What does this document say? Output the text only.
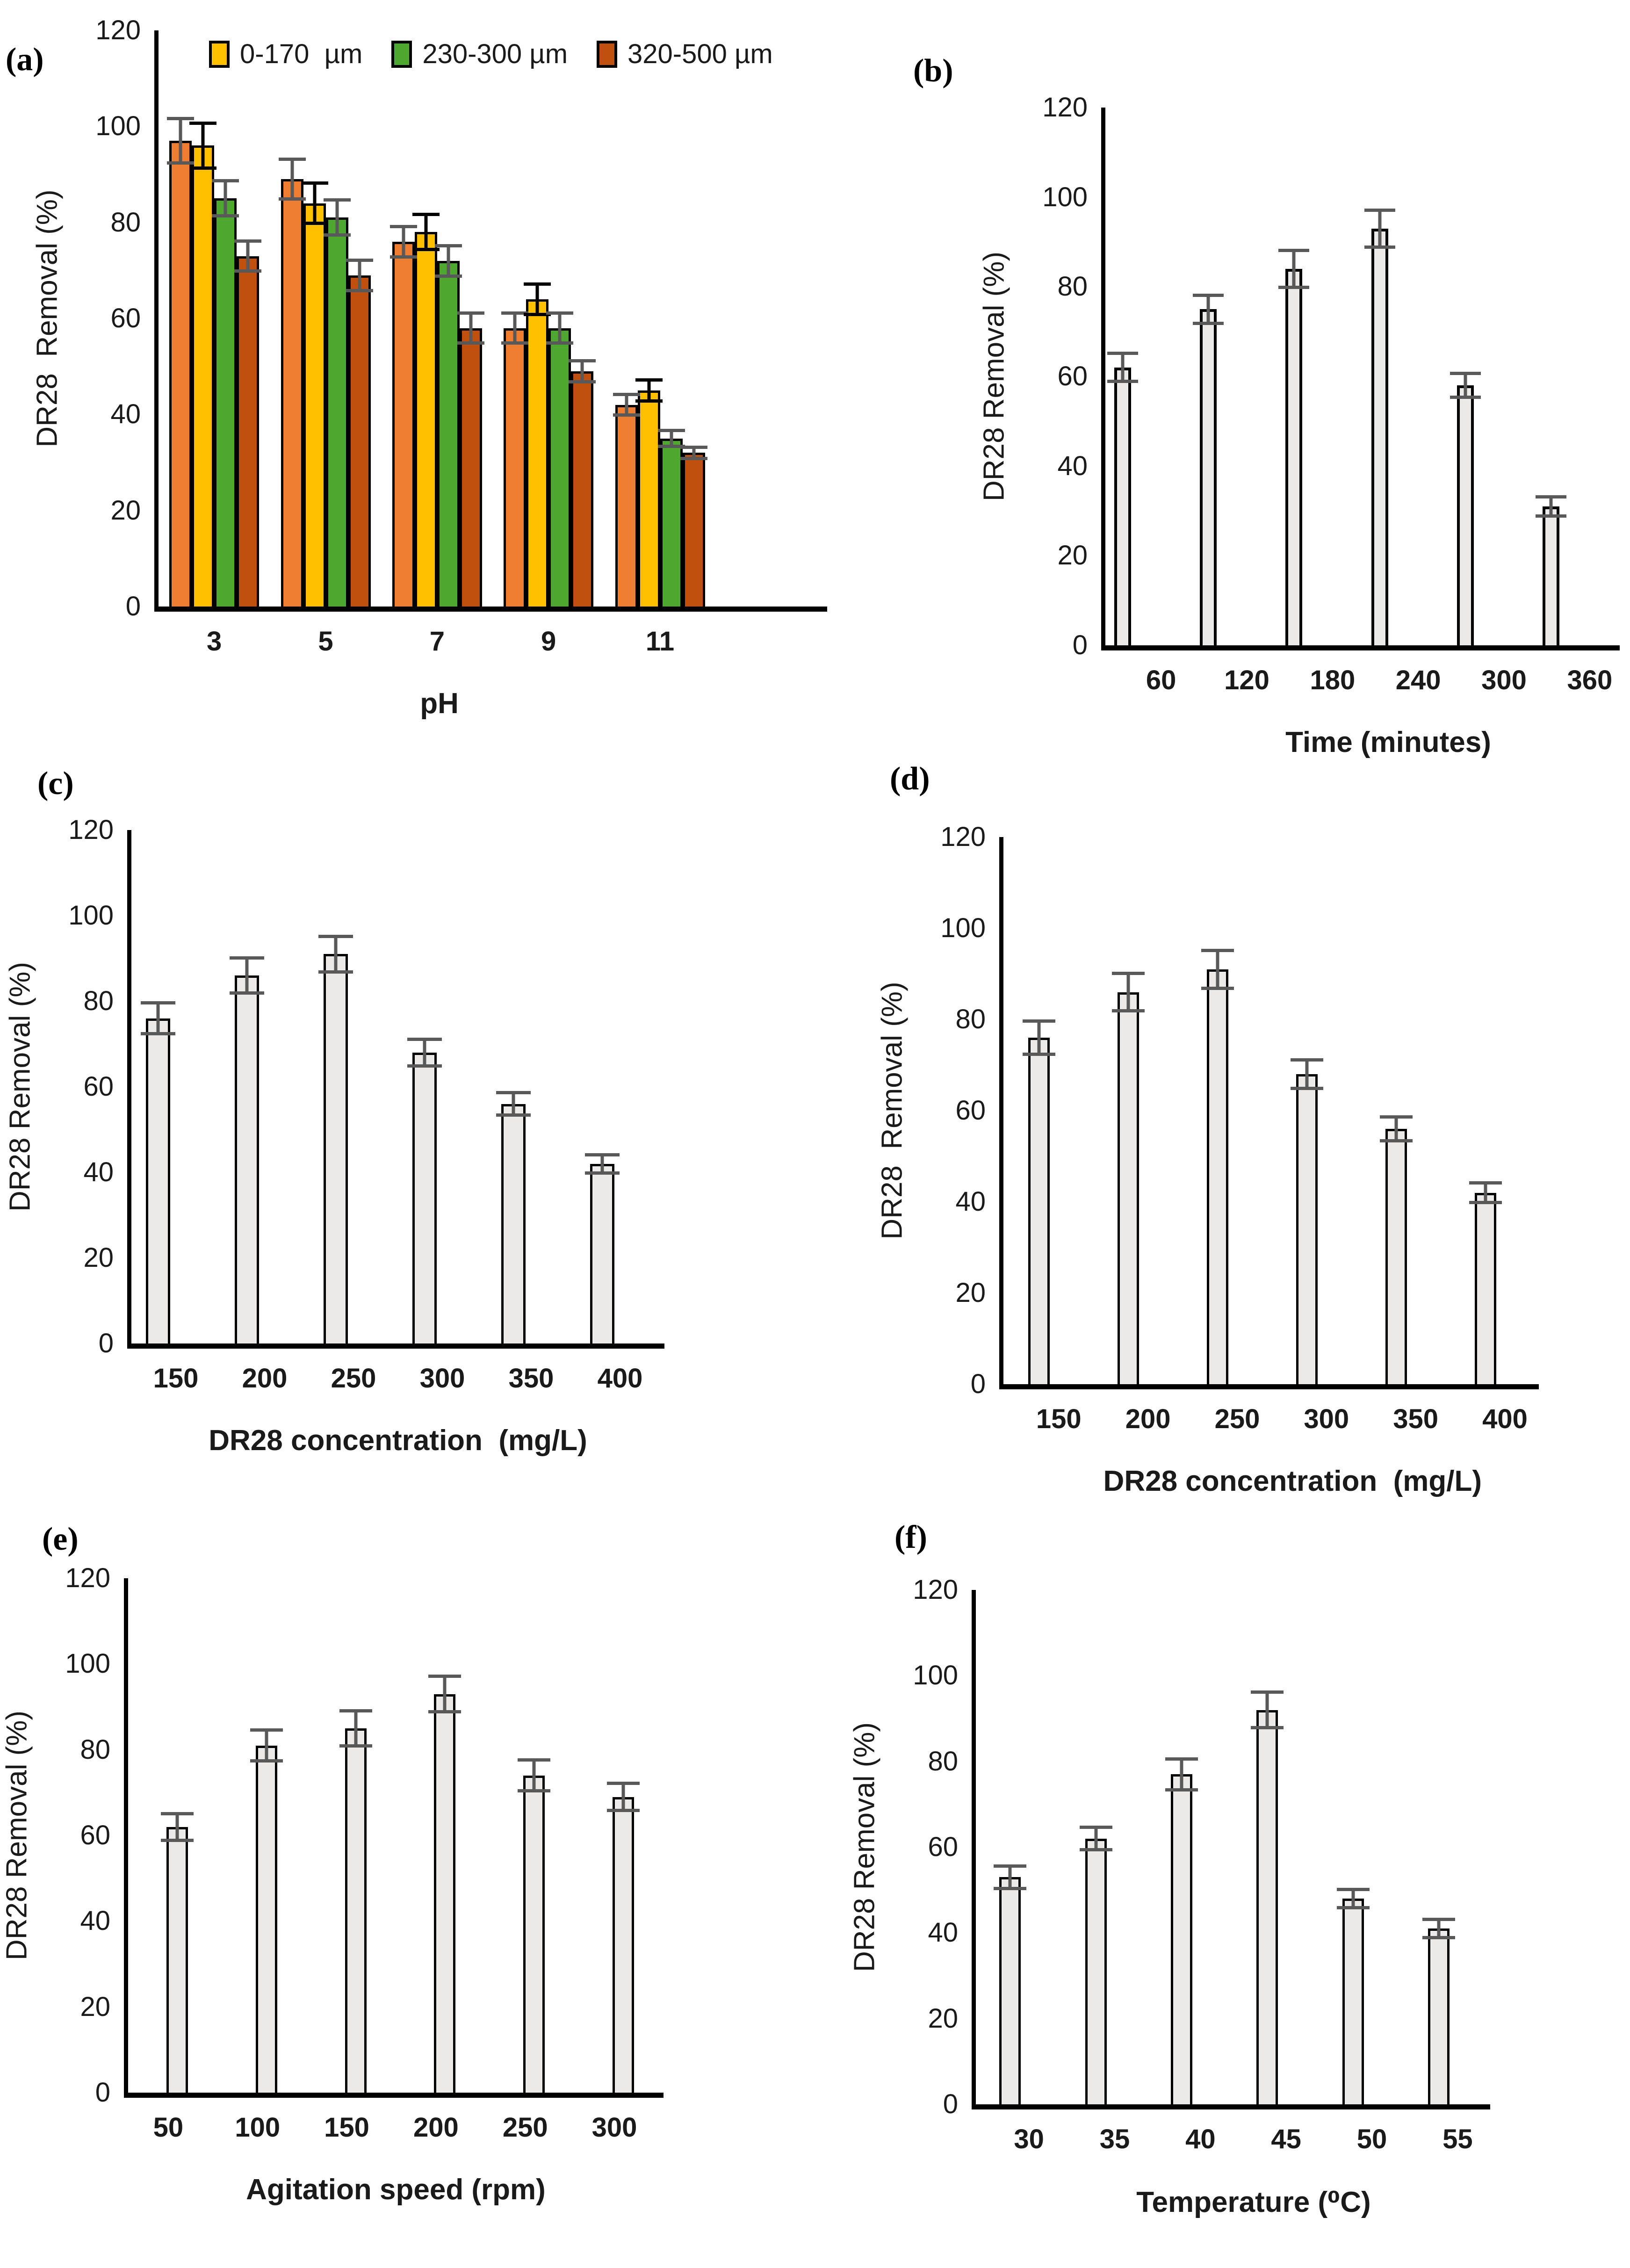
(a)
DR28  Removal (%)
pH
0-170  µm 230-300 µm 320-500 µm
0
20
40
60
80
100
120
3	5	7	9	11
(b)
DR28 Removal (%)
Time (minutes)
0
20
40
60
80
100
120
60 120 180 240 300 360
(c)
DR28 Removal (%)
DR28 concentration  (mg/L)
0
20
40
60
80
100
120
150 200 250 300 350 400
(d)
DR28  Removal (%)
DR28 concentration  (mg/L)
0
20
40
60
80
100
120
150 200 250 300 350 400
(e)
DR28 Removal (%)
Agitation speed (rpm)
0
20
40
60
80
100
120
50 100 150 200 250 300
(f)
DR28 Removal (%)
Temperature (⁰C)
0
20
40
60
80
100
120
30 35 40 45 50 55
